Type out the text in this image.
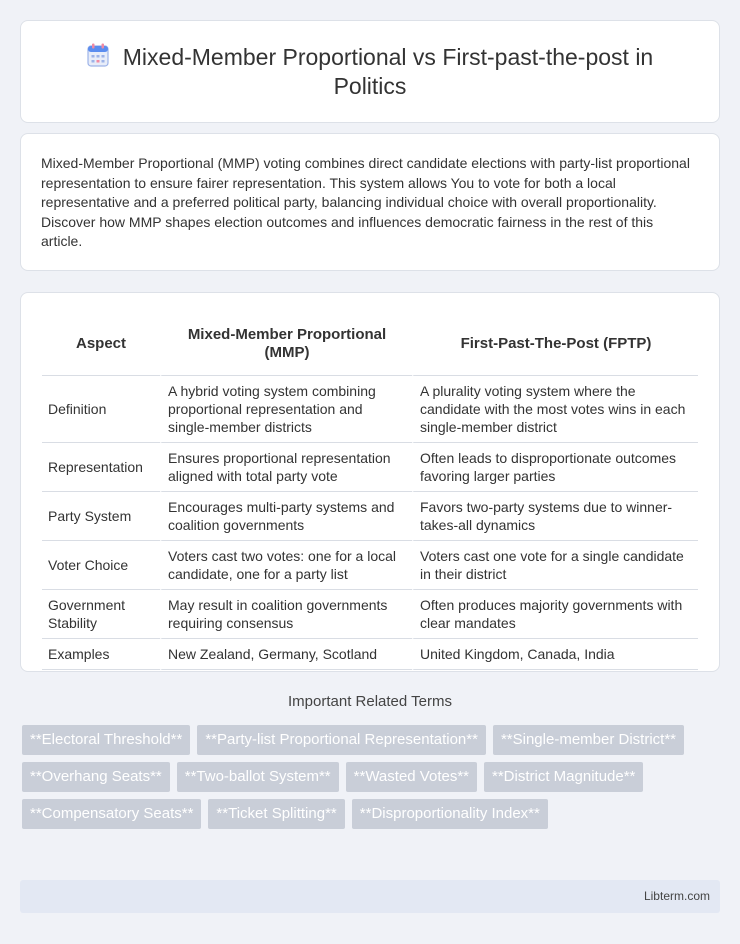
Mixed-Member Proportional vs First-past-the-post in Politics

Mixed-Member Proportional (MMP) voting combines direct candidate elections with party-list proportional representation to ensure fairer representation. This system allows You to vote for both a local representative and a preferred political party, balancing individual choice with overall proportionality. Discover how MMP shapes election outcomes and influences democratic fairness in the rest of this article.

Aspect	Mixed-Member Proportional (MMP)	First-Past-The-Post (FPTP)
Definition	A hybrid voting system combining proportional representation and single-member districts	A plurality voting system where the candidate with the most votes wins in each single-member district
Representation	Ensures proportional representation aligned with total party vote	Often leads to disproportionate outcomes favoring larger parties
Party System	Encourages multi-party systems and coalition governments	Favors two-party systems due to winner-takes-all dynamics
Voter Choice	Voters cast two votes: one for a local candidate, one for a party list	Voters cast one vote for a single candidate in their district
Government Stability	May result in coalition governments requiring consensus	Often produces majority governments with clear mandates
Examples	New Zealand, Germany, Scotland	United Kingdom, Canada, India
Important Related Terms
**Electoral Threshold**	**Party-list Proportional Representation**	**Single-member District**
**Overhang Seats**	**Two-ballot System**	**Wasted Votes**	**District Magnitude**
**Compensatory Seats**	**Ticket Splitting**	**Disproportionality Index**
Libterm.com
